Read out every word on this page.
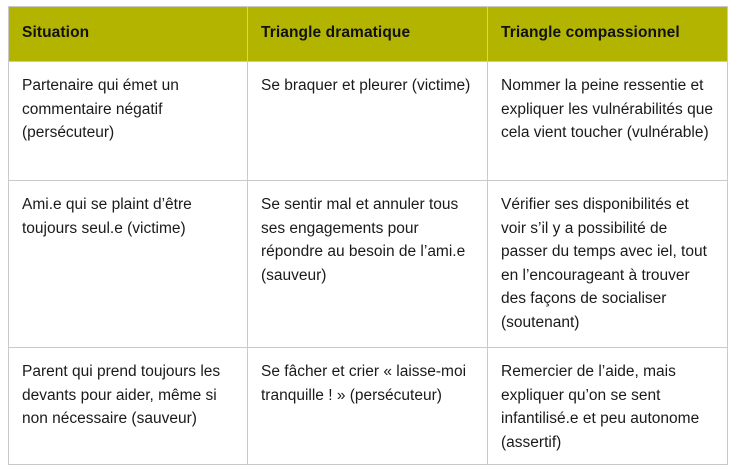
Situation	Triangle dramatique	Triangle compassionnel
Partenaire qui émet un commentaire négatif (persécuteur)	Se braquer et pleurer (victime)	Nommer la peine ressentie et expliquer les vulnérabilités que cela vient toucher (vulnérable)
Ami.e qui se plaint d’être toujours seul.e (victime)	Se sentir mal et annuler tous ses engagements pour répondre au besoin de l’ami.e (sauveur)	Vérifier ses disponibilités et voir s’il y a possibilité de passer du temps avec iel, tout en l’encourageant à trouver des façons de socialiser (soutenant)
Parent qui prend toujours les devants pour aider, même si non nécessaire (sauveur)	Se fâcher et crier « laisse-moi tranquille ! » (persécuteur)	Remercier de l’aide, mais expliquer qu’on se sent infantilisé.e et peu autonome (assertif)
